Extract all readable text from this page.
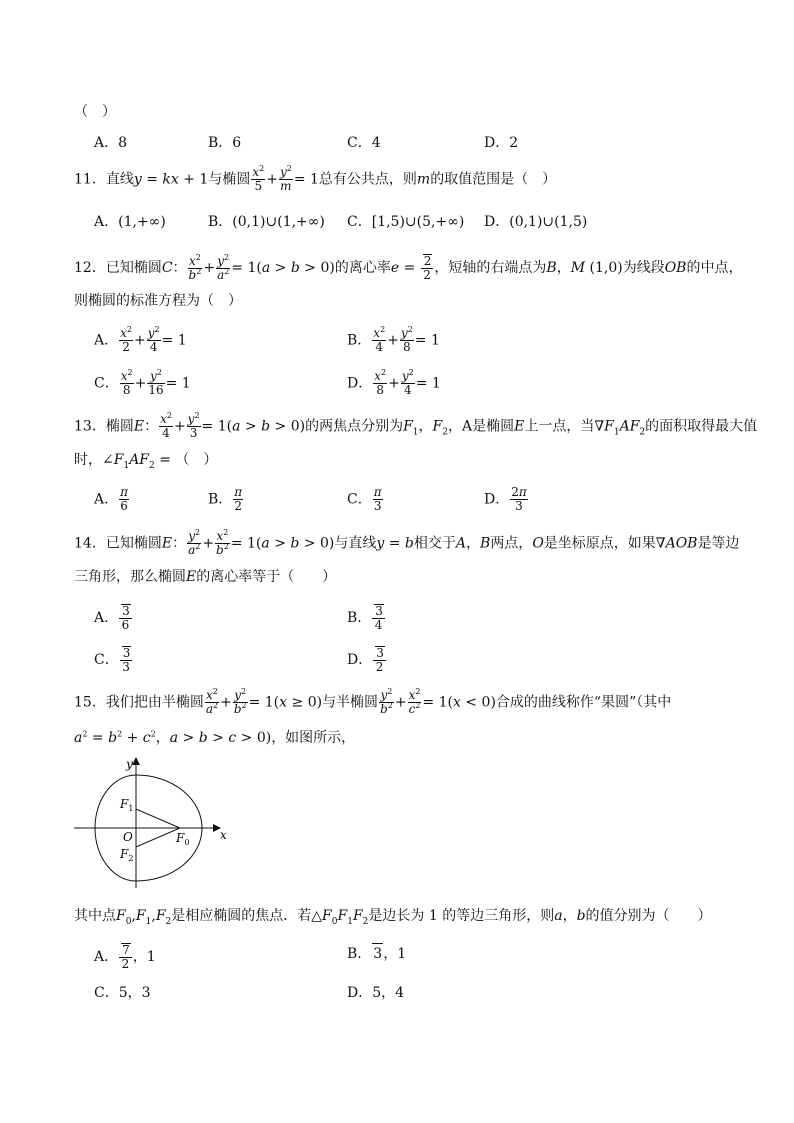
（　）
A．8	B．6	C．4	D．2
11．直线y = kx + 1与椭圆 $\frac{x^2}{5} + \frac{y^2}{m} = 1$总有公共点，则m的取值范围是（　）
A．(1,+∞)	B．(0,1)∪(1,+∞) C．[1,5)∪(5,+∞) D．(0,1)∪(1,5)
12．已知椭圆C： $\frac{x^2}{b^2} + \frac{y^2}{a^2} = 1(a > b > 0)$的离心率$e = \frac{2}{2}$ ，短轴的右端点为B，M (1,0)为线段OB的中点，
则椭圆的标准方程为（　）
A． $\frac{x^2}{2} + \frac{y^2}{4} = 1$	B． $\frac{x^2}{4} + \frac{y^2}{8} = 1$
C． $\frac{x^2}{8} + \frac{y^2}{16} = 1$	D． $\frac{x^2}{8} + \frac{y^2}{4} = 1$
13．椭圆E： $\frac{x^2}{4} + \frac{y^2}{3} = 1(a > b > 0)$的两焦点分别为$F_1$，$F_2$，A是椭圆E上一点，当$\nabla F_1AF_2$的面积取得最大值
时，$\angle F_1AF_2$ = （　）
A． $\frac{\pi}{6}$	B． $\frac{\pi}{2}$	C． $\frac{\pi}{3}$	D． $\frac{2\pi}{3}$
14．已知椭圆E： $\frac{y^2}{a^2} + \frac{x^2}{b^2} = 1(a > b > 0)$与直线y = b相交于A，B两点，O是坐标原点，如果∇AOB是等边
三角形，那么椭圆E的离心率等于（　　）
A． $\frac{3}{6}$	B． $\frac{3}{4}$
C． $\frac{3}{3}$	D． $\frac{3}{2}$
15．我们把由半椭圆 $\frac{x^2}{a^2} + \frac{y^2}{b^2} = 1(x \ge 0)$与半椭圆 $\frac{y^2}{b^2} + \frac{x^2}{c^2} = 1(x < 0)$合成的曲线称作“果圆”（其中
$a^2 = b^2 + c^2$，a > b > c > 0)，如图所示，
y
x
O
$F_1$
$F_2$
$F_0$
其中点$F_0,F_1,F_2$是相应椭圆的焦点．若$\triangle F_0F_1F_2$是边长为 1 的等边三角形，则a，b的值分别为（　　）
A． $\frac{7}{2}$ ，1	B． 3，1
C．5，3	D．5，4
